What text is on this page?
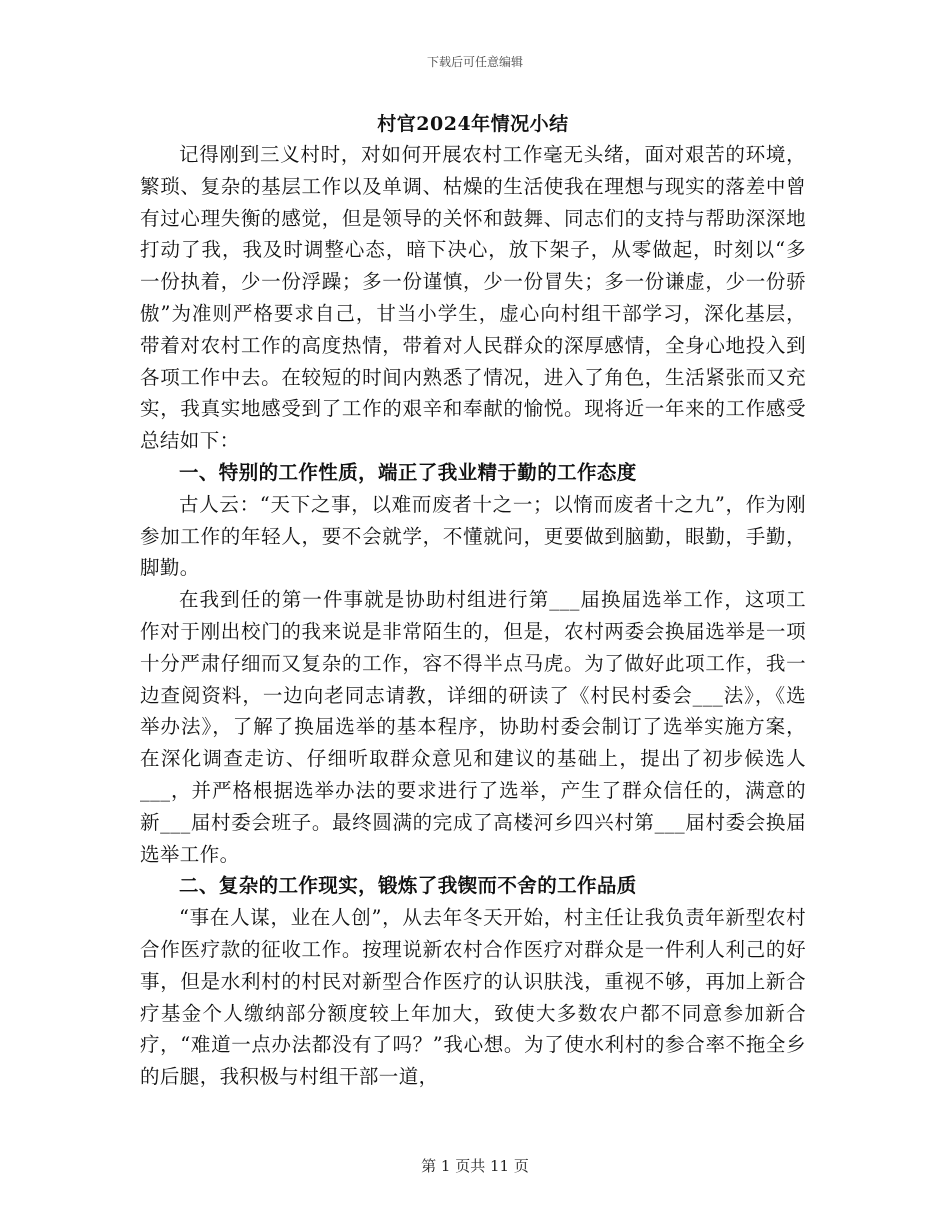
下载后可任意编辑
村官2024年情况小结

记得刚到三义村时，对如何开展农村工作毫无头绪，面对艰苦的环境，繁琐、复杂的基层工作以及单调、枯燥的生活使我在理想与现实的落差中曾有过心理失衡的感觉，但是领导的关怀和鼓舞、同志们的支持与帮助深深地打动了我，我及时调整心态，暗下决心，放下架子，从零做起，时刻以“多一份执着，少一份浮躁；多一份谨慎，少一份冒失；多一份谦虚，少一份骄傲”为准则严格要求自己，甘当小学生，虚心向村组干部学习，深化基层，带着对农村工作的高度热情，带着对人民群众的深厚感情，全身心地投入到各项工作中去。在较短的时间内熟悉了情况，进入了角色，生活紧张而又充实，我真实地感受到了工作的艰辛和奉献的愉悦。现将近一年来的工作感受总结如下：

一、特别的工作性质，端正了我业精于勤的工作态度

古人云：“天下之事，以难而废者十之一；以惰而废者十之九”，作为刚参加工作的年轻人，要不会就学，不懂就问，更要做到脑勤，眼勤，手勤，脚勤。

在我到任的第一件事就是协助村组进行第___届换届选举工作，这项工作对于刚出校门的我来说是非常陌生的，但是，农村两委会换届选举是一项十分严肃仔细而又复杂的工作，容不得半点马虎。为了做好此项工作，我一边查阅资料，一边向老同志请教，详细的研读了《村民村委会___法》，《选举办法》，了解了换届选举的基本程序，协助村委会制订了选举实施方案，在深化调查走访、仔细听取群众意见和建议的基础上，提出了初步候选人___，并严格根据选举办法的要求进行了选举，产生了群众信任的，满意的新___届村委会班子。最终圆满的完成了高楼河乡四兴村第___届村委会换届选举工作。

二、复杂的工作现实，锻炼了我锲而不舍的工作品质

“事在人谋，业在人创”，从去年冬天开始，村主任让我负责年新型农村合作医疗款的征收工作。按理说新农村合作医疗对群众是一件利人利己的好事，但是水利村的村民对新型合作医疗的认识肤浅，重视不够，再加上新合疗基金个人缴纳部分额度较上年加大，致使大多数农户都不同意参加新合疗，“难道一点办法都没有了吗？”我心想。为了使水利村的参合率不拖全乡的后腿，我积极与村组干部一道，

第 1 页共 11 页
